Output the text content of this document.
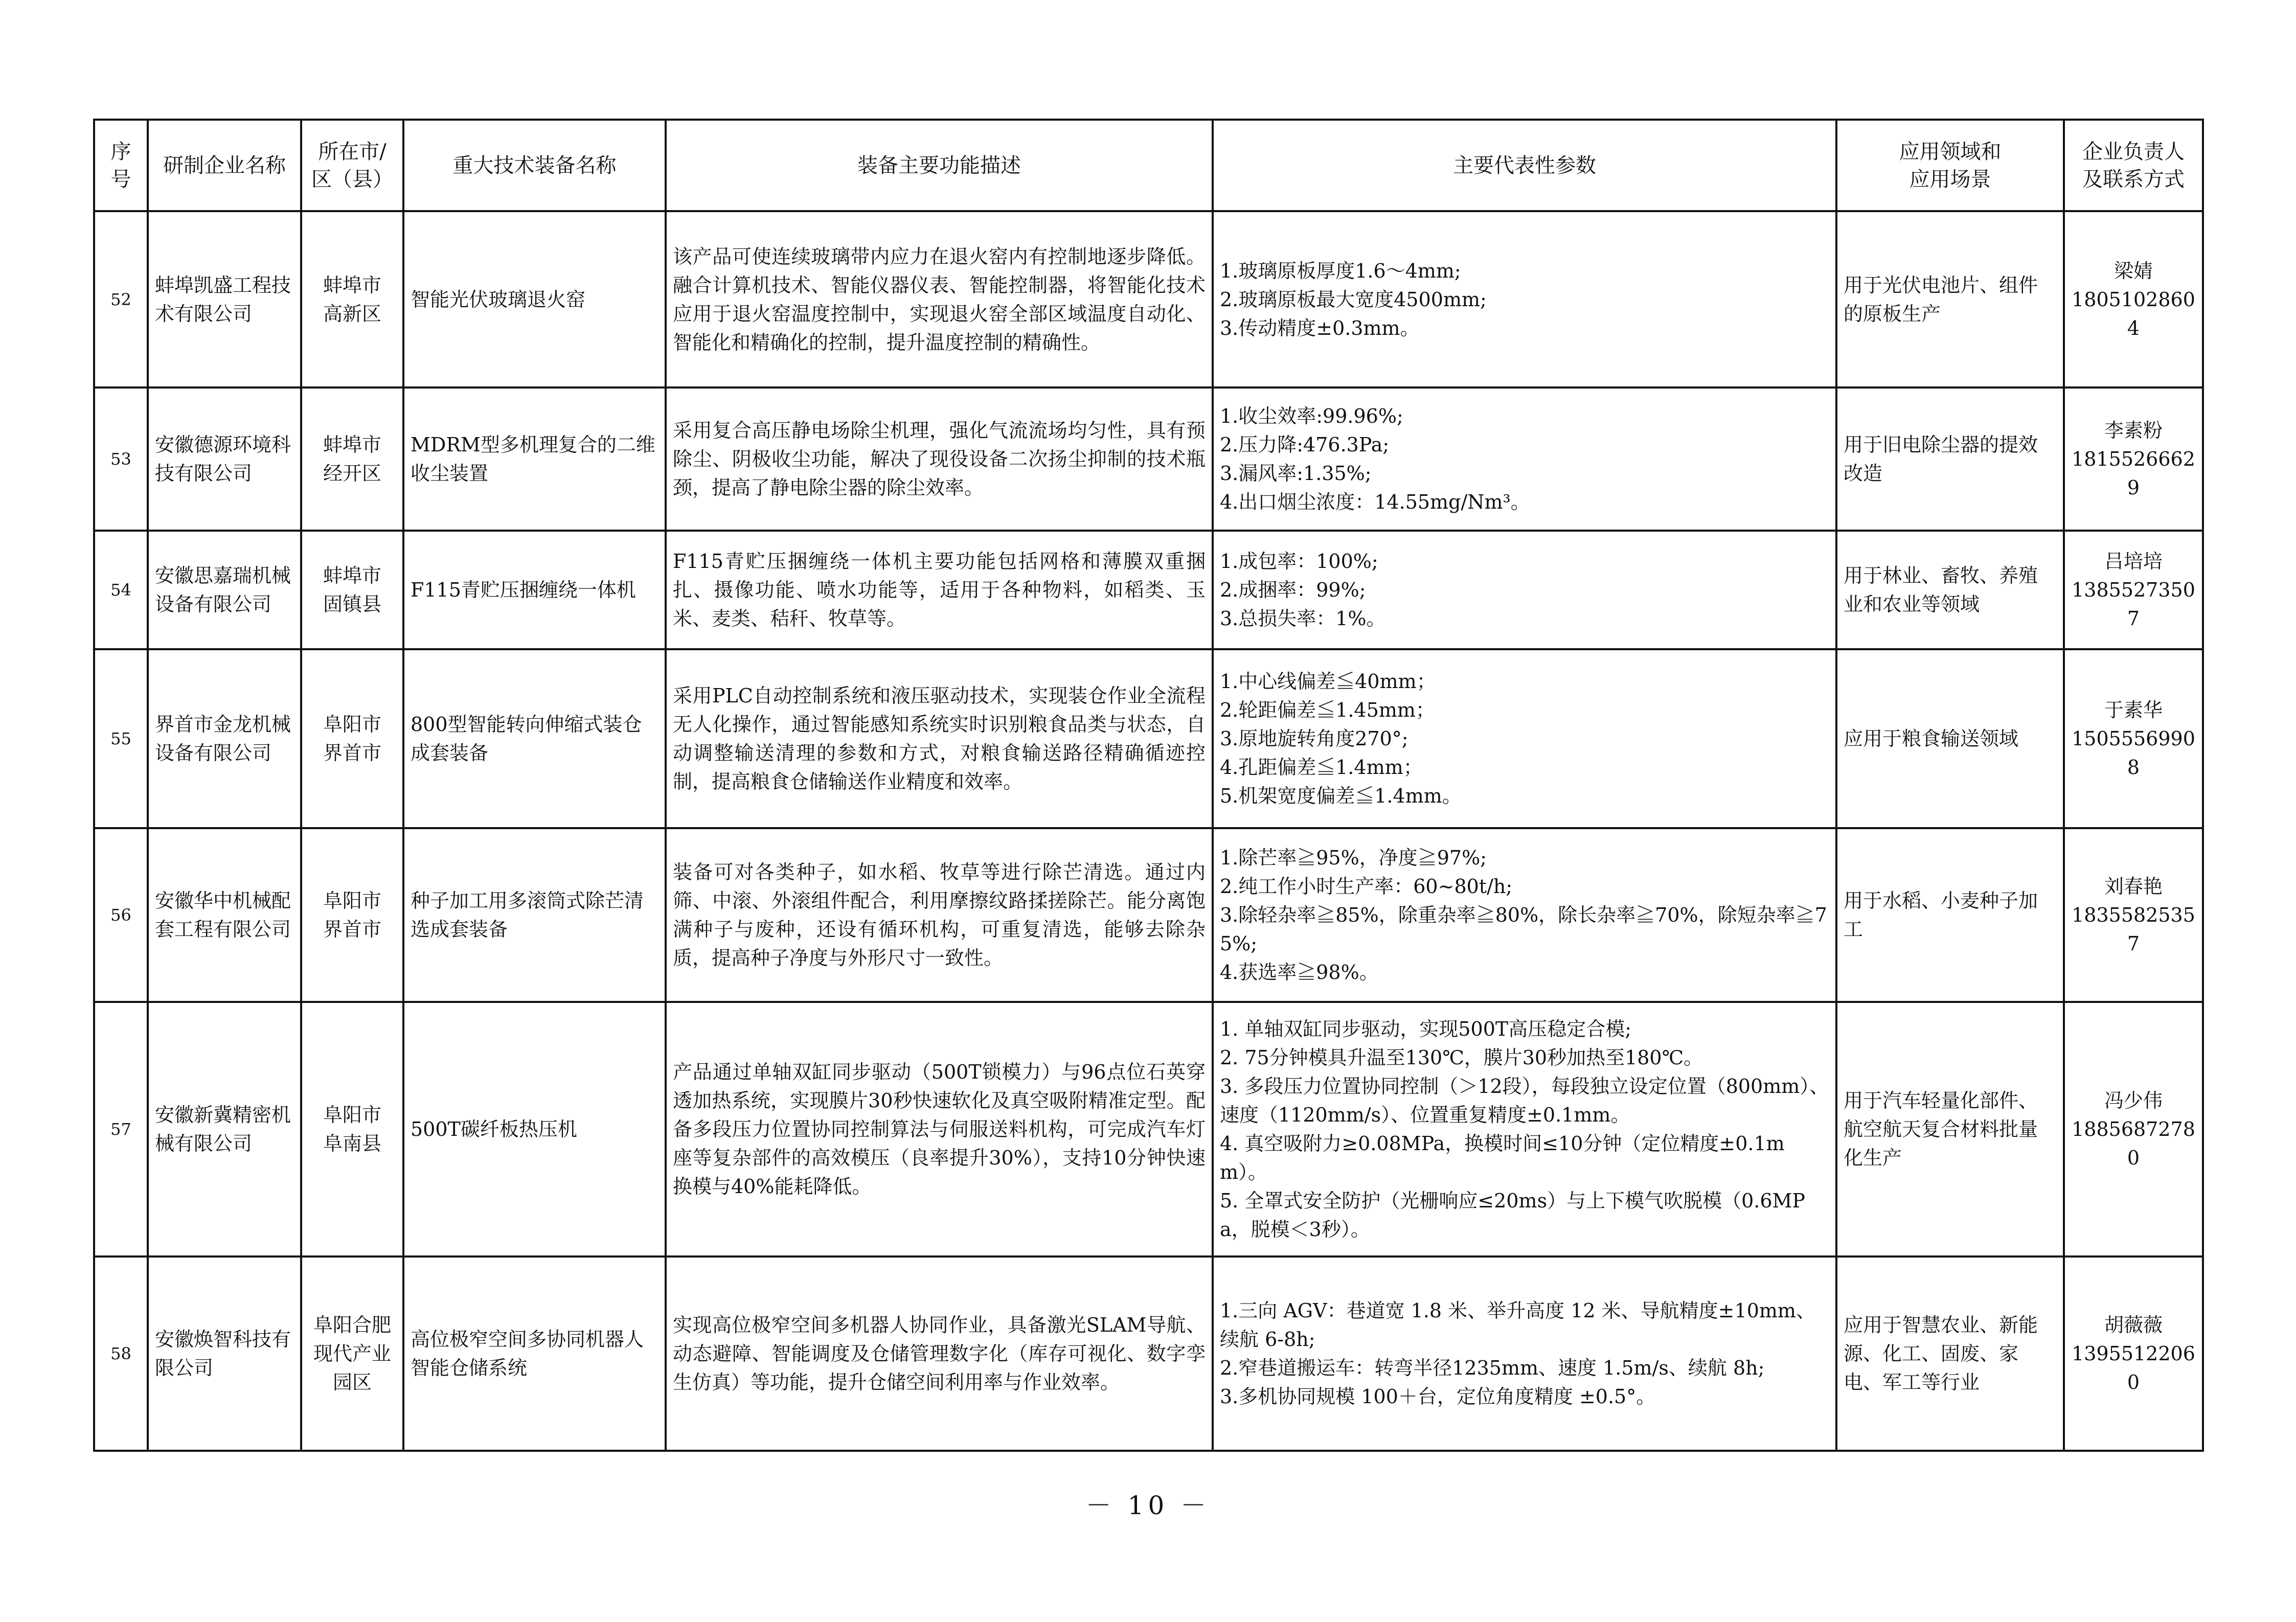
序
号	研制企业名称	所在市/
区（县）	重大技术装备名称	装备主要功能描述	主要代表性参数	应用领域和
应用场景	企业负责人
及联系方式
52	蚌埠凯盛工程技术有限公司	蚌埠市
高新区	智能光伏玻璃退火窑	该产品可使连续玻璃带内应力在退火窑内有控制地逐步降低。融合计算机技术、智能仪器仪表、智能控制器，将智能化技术应用于退火窑温度控制中，实现退火窑全部区域温度自动化、智能化和精确化的控制，提升温度控制的精确性。	1.玻璃原板厚度1.6～4mm;
2.玻璃原板最大宽度4500mm;
3.传动精度±0.3mm。	用于光伏电池片、组件的原板生产	梁婧
18051028604

53	安徽德源环境科技有限公司	蚌埠市
经开区	MDRM型多机理复合的二维收尘装置	采用复合高压静电场除尘机理，强化气流流场均匀性，具有预除尘、阴极收尘功能，解决了现役设备二次扬尘抑制的技术瓶颈，提高了静电除尘器的除尘效率。	1.收尘效率:99.96%;
2.压力降:476.3Pa;
3.漏风率:1.35%;
4.出口烟尘浓度：14.55mg/Nm³。	用于旧电除尘器的提效改造	李素粉
18155266629

54	安徽思嘉瑞机械设备有限公司	蚌埠市
固镇县	F115青贮压捆缠绕一体机	F115青贮压捆缠绕一体机主要功能包括网格和薄膜双重捆扎、摄像功能、喷水功能等，适用于各种物料，如稻类、玉米、麦类、秸秆、牧草等。	1.成包率：100%;
2.成捆率：99%;
3.总损失率：1%。	用于林业、畜牧、养殖业和农业等领域	吕培培
13855273507

55	界首市金龙机械设备有限公司	阜阳市
界首市	800型智能转向伸缩式装仓成套装备	采用PLC自动控制系统和液压驱动技术，实现装仓作业全流程无人化操作，通过智能感知系统实时识别粮食品类与状态，自动调整输送清理的参数和方式，对粮食输送路径精确循迹控制，提高粮食仓储输送作业精度和效率。	1.中心线偏差≦40mm；
2.轮距偏差≦1.45mm；
3.原地旋转角度270°;
4.孔距偏差≦1.4mm；
5.机架宽度偏差≦1.4mm。	应用于粮食输送领域	于素华
15055569908

56	安徽华中机械配套工程有限公司	阜阳市
界首市	种子加工用多滚筒式除芒清选成套装备	装备可对各类种子，如水稻、牧草等进行除芒清选。通过内筛、中滚、外滚组件配合，利用摩擦纹路揉搓除芒。能分离饱满种子与废种，还设有循环机构，可重复清选，能够去除杂质，提高种子净度与外形尺寸一致性。	1.除芒率≧95%，净度≧97%;
2.纯工作小时生产率：60~80t/h;
3.除轻杂率≧85%，除重杂率≧80%，除长杂率≧70%，除短杂率≧75%;
4.获选率≧98%。	用于水稻、小麦种子加工	刘春艳
18355825357

57	安徽新冀精密机械有限公司	阜阳市
阜南县	500T碳纤板热压机	产品通过单轴双缸同步驱动（500T锁模力）与96点位石英穿透加热系统，实现膜片30秒快速软化及真空吸附精准定型。配备多段压力位置协同控制算法与伺服送料机构，可完成汽车灯座等复杂部件的高效模压（良率提升30%），支持10分钟快速换模与40%能耗降低。	1. 单轴双缸同步驱动，实现500T高压稳定合模;
2. 75分钟模具升温至130℃，膜片30秒加热至180℃。
3. 多段压力位置协同控制（＞12段），每段独立设定位置（800mm）、速度（1120mm/s）、位置重复精度±0.1mm。
4. 真空吸附力≥0.08MPa，换模时间≤10分钟（定位精度±0.1mm）。
5. 全罩式安全防护（光栅响应≤20ms）与上下模气吹脱模（0.6MPa，脱模＜3秒）。	用于汽车轻量化部件、航空航天复合材料批量化生产	冯少伟
18856872780

58	安徽焕智科技有限公司	阜阳合肥
现代产业
园区	高位极窄空间多协同机器人智能仓储系统	实现高位极窄空间多机器人协同作业，具备激光SLAM导航、动态避障、智能调度及仓储管理数字化（库存可视化、数字孪生仿真）等功能，提升仓储空间利用率与作业效率。	1.三向 AGV：巷道宽 1.8 米、举升高度 12 米、导航精度±10mm、续航 6-8h;
2.窄巷道搬运车：转弯半径1235mm、速度 1.5m/s、续航 8h;
3.多机协同规模 100＋台，定位角度精度 ±0.5°。	应用于智慧农业、新能源、化工、固废、家电、军工等行业	胡薇薇
13955122060
－ 10 －
